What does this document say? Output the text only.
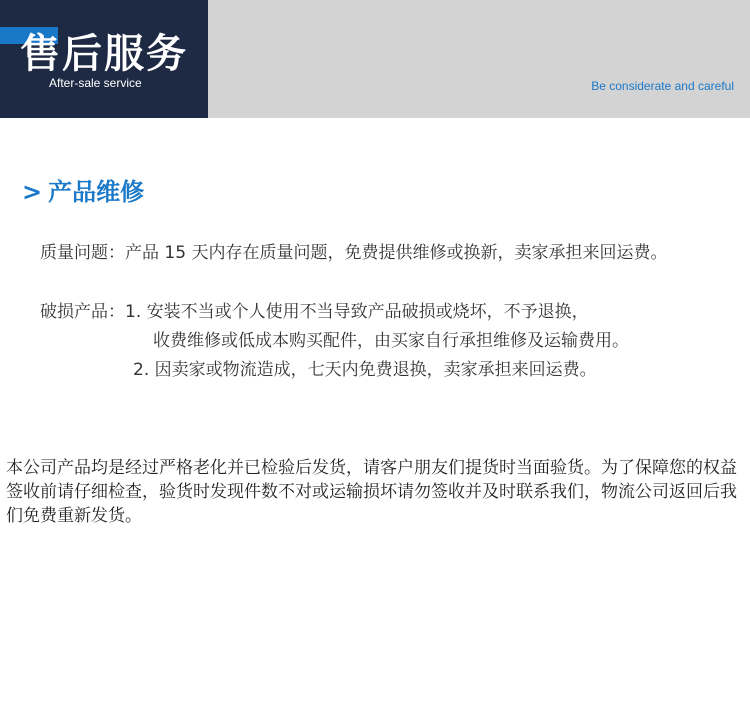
售后服务
After-sale service	Be considerate and careful
> 产品维修
质量问题：产品 15 天内存在质量问题，免费提供维修或换新，卖家承担来回运费。
破损产品：1. 安装不当或个人使用不当导致产品破损或烧坏，不予退换，
收费维修或低成本购买配件，由买家自行承担维修及运输费用。
2. 因卖家或物流造成，七天内免费退换，卖家承担来回运费。
本公司产品均是经过严格老化并已检验后发货，请客户朋友们提货时当面验货。为了保障您的权益签收前请仔细检查，验货时发现件数不对或运输损坏请勿签收并及时联系我们，物流公司返回后我们免费重新发货。
